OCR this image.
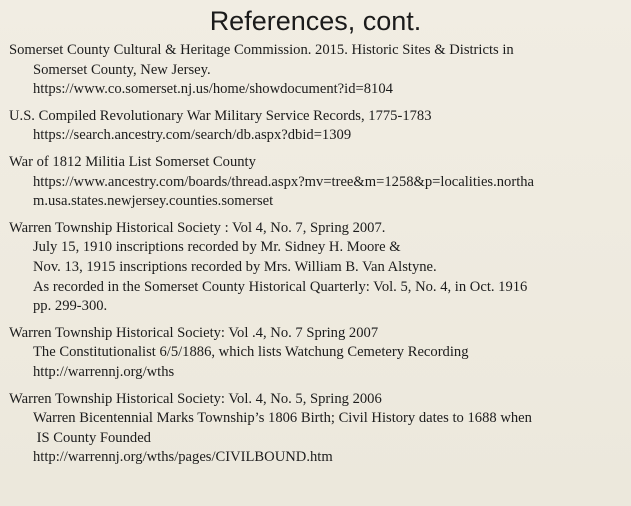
References, cont.
Somerset County Cultural & Heritage Commission. 2015. Historic Sites & Districts in
Somerset County, New Jersey.
https://www.co.somerset.nj.us/home/showdocument?id=8104
U.S. Compiled Revolutionary War Military Service Records, 1775-1783
https://search.ancestry.com/search/db.aspx?dbid=1309
War of 1812 Militia List Somerset County
https://www.ancestry.com/boards/thread.aspx?mv=tree&m=1258&p=localities.northa
m.usa.states.newjersey.counties.somerset
Warren Township Historical Society : Vol 4, No. 7, Spring 2007.
July 15, 1910 inscriptions recorded by Mr. Sidney H. Moore &
Nov. 13, 1915 inscriptions recorded by Mrs. William B. Van Alstyne.
As recorded in the Somerset County Historical Quarterly: Vol. 5, No. 4, in Oct. 1916
pp. 299-300.
Warren Township Historical Society: Vol .4, No. 7 Spring 2007
The Constitutionalist 6/5/1886, which lists Watchung Cemetery Recording
http://warrennj.org/wths
Warren Township Historical Society: Vol. 4, No. 5, Spring 2006
Warren Bicentennial Marks Township’s 1806 Birth; Civil History dates to 1688 when
IS County Founded
http://warrennj.org/wths/pages/CIVILBOUND.htm
